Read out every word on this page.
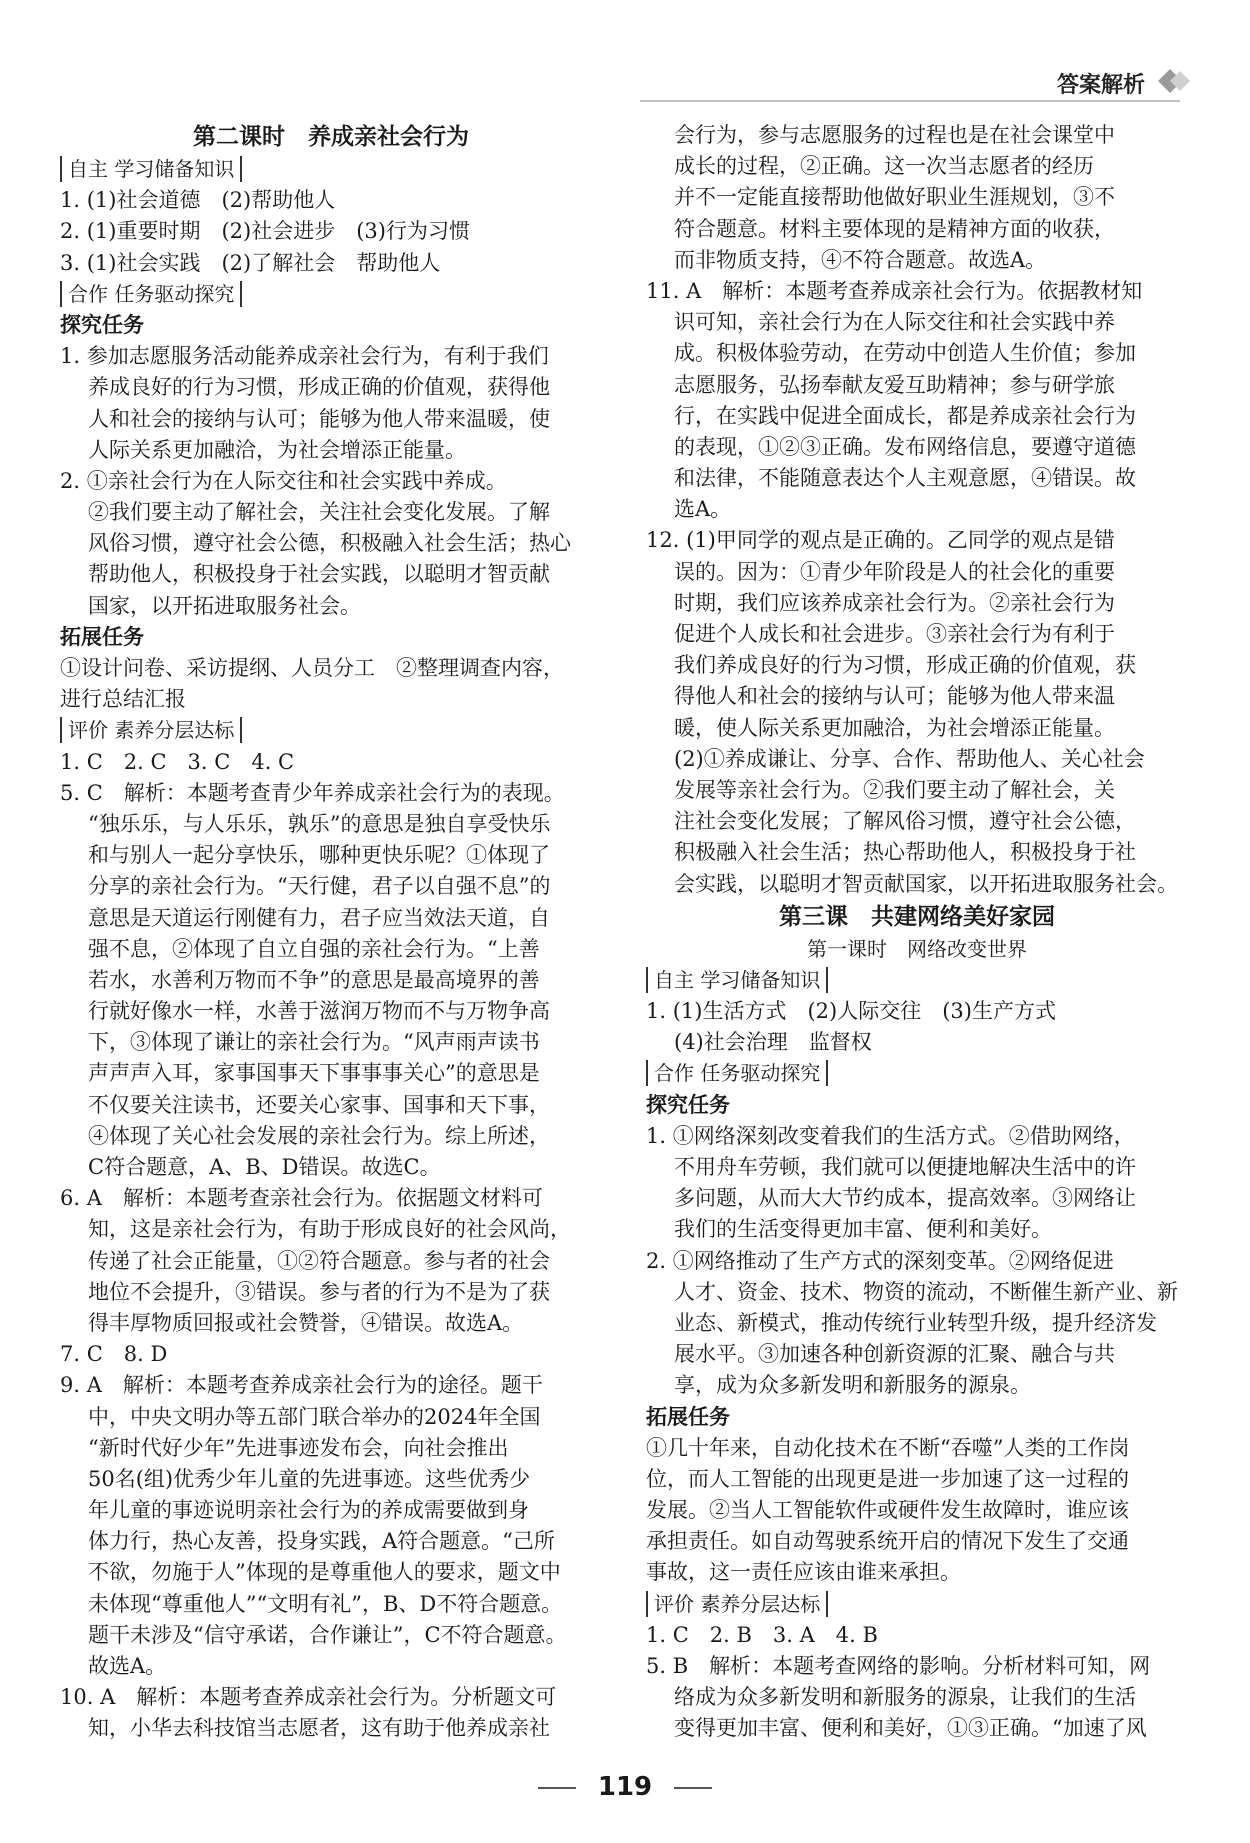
答案解析
第二课时　养成亲社会行为
自主 学习储备知识
1. (1)社会道德　(2)帮助他人
2. (1)重要时期　(2)社会进步　(3)行为习惯
3. (1)社会实践　(2)了解社会　帮助他人
合作 任务驱动探究
探究任务
1. 参加志愿服务活动能养成亲社会行为，有利于我们
养成良好的行为习惯，形成正确的价值观，获得他
人和社会的接纳与认可；能够为他人带来温暖，使
人际关系更加融洽，为社会增添正能量。
2. ①亲社会行为在人际交往和社会实践中养成。
②我们要主动了解社会，关注社会变化发展。了解
风俗习惯，遵守社会公德，积极融入社会生活；热心
帮助他人，积极投身于社会实践，以聪明才智贡献
国家，以开拓进取服务社会。
拓展任务
①设计问卷、采访提纲、人员分工　②整理调查内容，
进行总结汇报
评价 素养分层达标
1. C　2. C　3. C　4. C
5. C　解析：本题考查青少年养成亲社会行为的表现。
“独乐乐，与人乐乐，孰乐”的意思是独自享受快乐
和与别人一起分享快乐，哪种更快乐呢？①体现了
分享的亲社会行为。“天行健，君子以自强不息”的
意思是天道运行刚健有力，君子应当效法天道，自
强不息，②体现了自立自强的亲社会行为。“上善
若水，水善利万物而不争”的意思是最高境界的善
行就好像水一样，水善于滋润万物而不与万物争高
下，③体现了谦让的亲社会行为。“风声雨声读书
声声声入耳，家事国事天下事事事关心”的意思是
不仅要关注读书，还要关心家事、国事和天下事，
④体现了关心社会发展的亲社会行为。综上所述，
C符合题意，A、B、D错误。故选C。
6. A　解析：本题考查亲社会行为。依据题文材料可
知，这是亲社会行为，有助于形成良好的社会风尚，
传递了社会正能量，①②符合题意。参与者的社会
地位不会提升，③错误。参与者的行为不是为了获
得丰厚物质回报或社会赞誉，④错误。故选A。
7. C　8. D
9. A　解析：本题考查养成亲社会行为的途径。题干
中，中央文明办等五部门联合举办的2024年全国
“新时代好少年”先进事迹发布会，向社会推出
50名(组)优秀少年儿童的先进事迹。这些优秀少
年儿童的事迹说明亲社会行为的养成需要做到身
体力行，热心友善，投身实践，A符合题意。“己所
不欲，勿施于人”体现的是尊重他人的要求，题文中
未体现“尊重他人”“文明有礼”，B、D不符合题意。
题干未涉及“信守承诺，合作谦让”，C不符合题意。
故选A。
10. A　解析：本题考查养成亲社会行为。分析题文可
知，小华去科技馆当志愿者，这有助于他养成亲社
会行为，参与志愿服务的过程也是在社会课堂中
成长的过程，②正确。这一次当志愿者的经历
并不一定能直接帮助他做好职业生涯规划，③不
符合题意。材料主要体现的是精神方面的收获，
而非物质支持，④不符合题意。故选A。
11. A　解析：本题考查养成亲社会行为。依据教材知
识可知，亲社会行为在人际交往和社会实践中养
成。积极体验劳动，在劳动中创造人生价值；参加
志愿服务，弘扬奉献友爱互助精神；参与研学旅
行，在实践中促进全面成长，都是养成亲社会行为
的表现，①②③正确。发布网络信息，要遵守道德
和法律，不能随意表达个人主观意愿，④错误。故
选A。
12. (1)甲同学的观点是正确的。乙同学的观点是错
误的。因为：①青少年阶段是人的社会化的重要
时期，我们应该养成亲社会行为。②亲社会行为
促进个人成长和社会进步。③亲社会行为有利于
我们养成良好的行为习惯，形成正确的价值观，获
得他人和社会的接纳与认可；能够为他人带来温
暖，使人际关系更加融洽，为社会增添正能量。
(2)①养成谦让、分享、合作、帮助他人、关心社会
发展等亲社会行为。②我们要主动了解社会，关
注社会变化发展；了解风俗习惯，遵守社会公德，
积极融入社会生活；热心帮助他人，积极投身于社
会实践，以聪明才智贡献国家，以开拓进取服务社会。
第三课　共建网络美好家园
第一课时　网络改变世界
自主 学习储备知识
1. (1)生活方式　(2)人际交往　(3)生产方式
(4)社会治理　监督权
合作 任务驱动探究
探究任务
1. ①网络深刻改变着我们的生活方式。②借助网络，
不用舟车劳顿，我们就可以便捷地解决生活中的许
多问题，从而大大节约成本，提高效率。③网络让
我们的生活变得更加丰富、便利和美好。
2. ①网络推动了生产方式的深刻变革。②网络促进
人才、资金、技术、物资的流动，不断催生新产业、新
业态、新模式，推动传统行业转型升级，提升经济发
展水平。③加速各种创新资源的汇聚、融合与共
享，成为众多新发明和新服务的源泉。
拓展任务
①几十年来，自动化技术在不断“吞噬”人类的工作岗
位，而人工智能的出现更是进一步加速了这一过程的
发展。②当人工智能软件或硬件发生故障时，谁应该
承担责任。如自动驾驶系统开启的情况下发生了交通
事故，这一责任应该由谁来承担。
评价 素养分层达标
1. C　2. B　3. A　4. B
5. B　解析：本题考查网络的影响。分析材料可知，网
络成为众多新发明和新服务的源泉，让我们的生活
变得更加丰富、便利和美好，①③正确。“加速了风
119
